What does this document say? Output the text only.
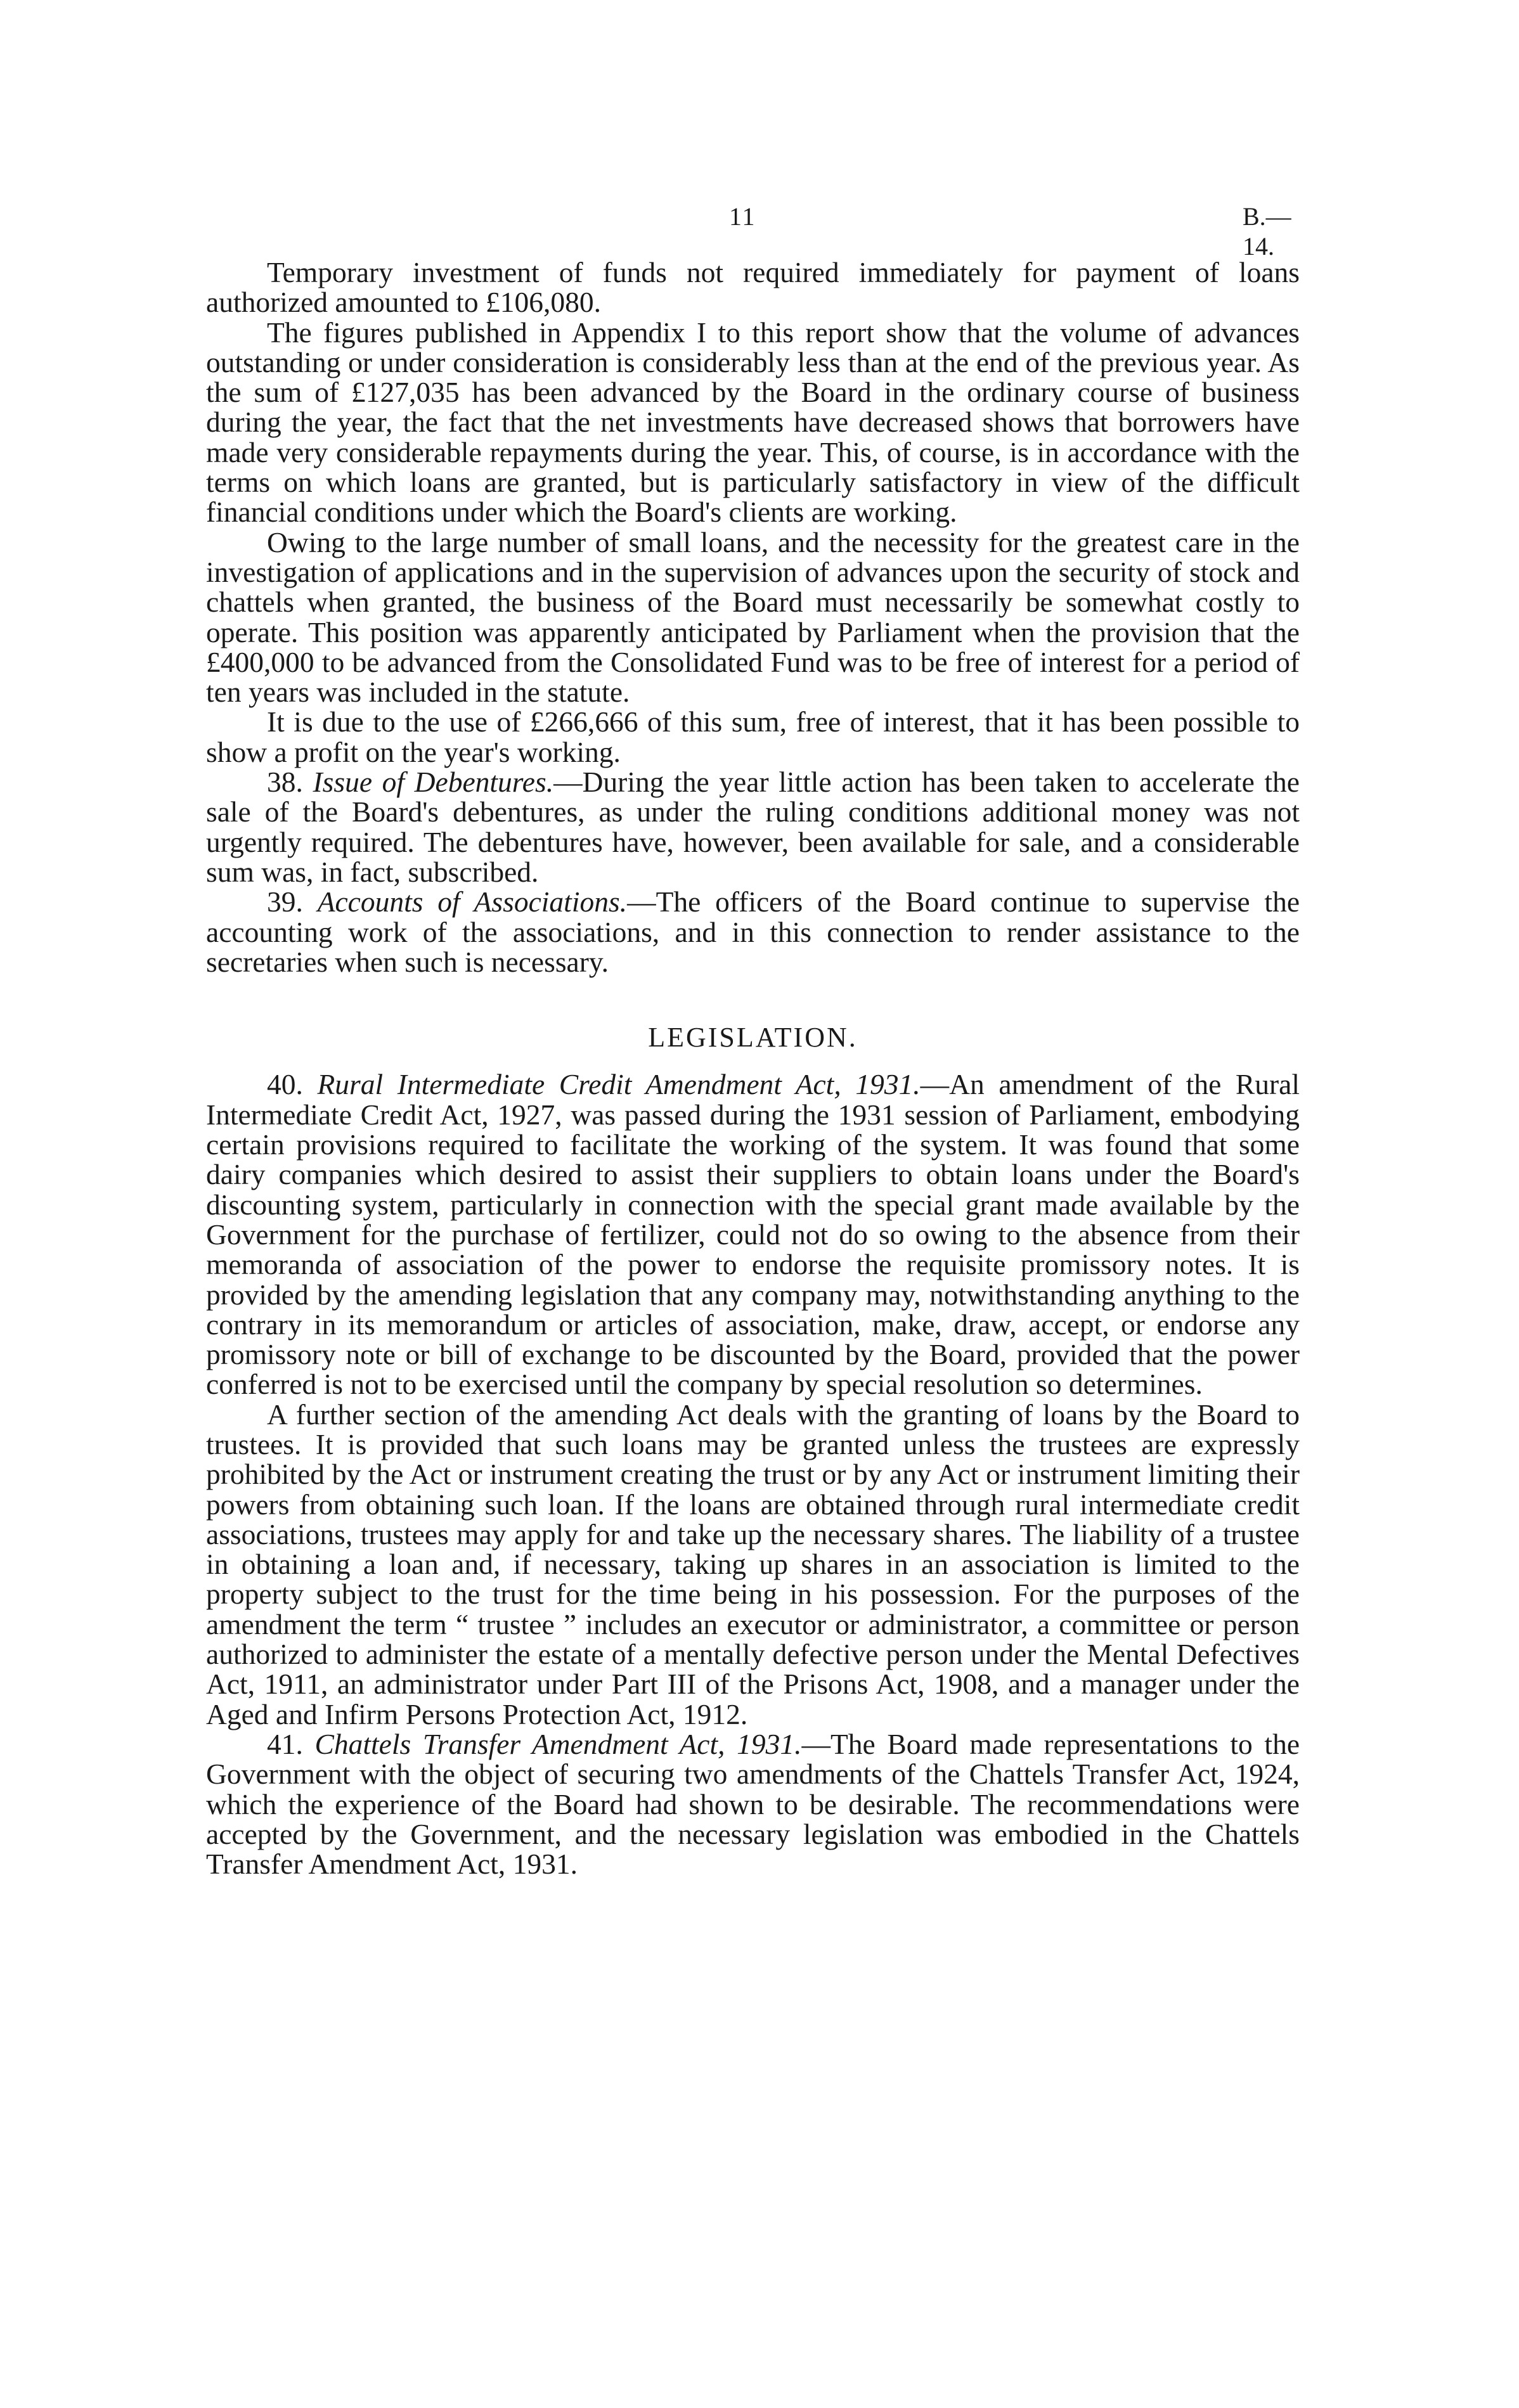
11	B.—14.

Temporary investment of funds not required immediately for payment of loans authorized amounted to £106,080.

The figures published in Appendix I to this report show that the volume of advances outstanding or under consideration is considerably less than at the end of the previous year. As the sum of £127,035 has been advanced by the Board in the ordinary course of business during the year, the fact that the net investments have decreased shows that borrowers have made very considerable repayments during the year. This, of course, is in accordance with the terms on which loans are granted, but is particularly satisfactory in view of the difficult financial conditions under which the Board's clients are working.

Owing to the large number of small loans, and the necessity for the greatest care in the investigation of applications and in the supervision of advances upon the security of stock and chattels when granted, the business of the Board must necessarily be somewhat costly to operate. This position was apparently anticipated by Parliament when the provision that the £400,000 to be advanced from the Consolidated Fund was to be free of interest for a period of ten years was included in the statute.

It is due to the use of £266,666 of this sum, free of interest, that it has been possible to show a profit on the year's working.

38. Issue of Debentures.—During the year little action has been taken to accelerate the sale of the Board's debentures, as under the ruling conditions additional money was not urgently required. The debentures have, however, been available for sale, and a considerable sum was, in fact, subscribed.

39. Accounts of Associations.—The officers of the Board continue to supervise the accounting work of the associations, and in this connection to render assistance to the secretaries when such is necessary.

LEGISLATION.

40. Rural Intermediate Credit Amendment Act, 1931.—An amendment of the Rural Intermediate Credit Act, 1927, was passed during the 1931 session of Parliament, embodying certain provisions required to facilitate the working of the system. It was found that some dairy companies which desired to assist their suppliers to obtain loans under the Board's discounting system, particularly in connection with the special grant made available by the Government for the purchase of fertilizer, could not do so owing to the absence from their memoranda of association of the power to endorse the requisite promissory notes. It is provided by the amending legislation that any company may, notwithstanding anything to the contrary in its memorandum or articles of association, make, draw, accept, or endorse any promissory note or bill of exchange to be discounted by the Board, provided that the power conferred is not to be exercised until the company by special resolution so determines.

A further section of the amending Act deals with the granting of loans by the Board to trustees. It is provided that such loans may be granted unless the trustees are expressly prohibited by the Act or instrument creating the trust or by any Act or instrument limiting their powers from obtaining such loan. If the loans are obtained through rural intermediate credit associations, trustees may apply for and take up the necessary shares. The liability of a trustee in obtaining a loan and, if necessary, taking up shares in an association is limited to the property subject to the trust for the time being in his possession. For the purposes of the amendment the term “ trustee ” includes an executor or administrator, a committee or person authorized to administer the estate of a mentally defective person under the Mental Defectives Act, 1911, an administrator under Part III of the Prisons Act, 1908, and a manager under the Aged and Infirm Persons Protection Act, 1912.

41. Chattels Transfer Amendment Act, 1931.—The Board made representations to the Government with the object of securing two amendments of the Chattels Transfer Act, 1924, which the experience of the Board had shown to be desirable. The recommendations were accepted by the Government, and the necessary legislation was embodied in the Chattels Transfer Amendment Act, 1931.
